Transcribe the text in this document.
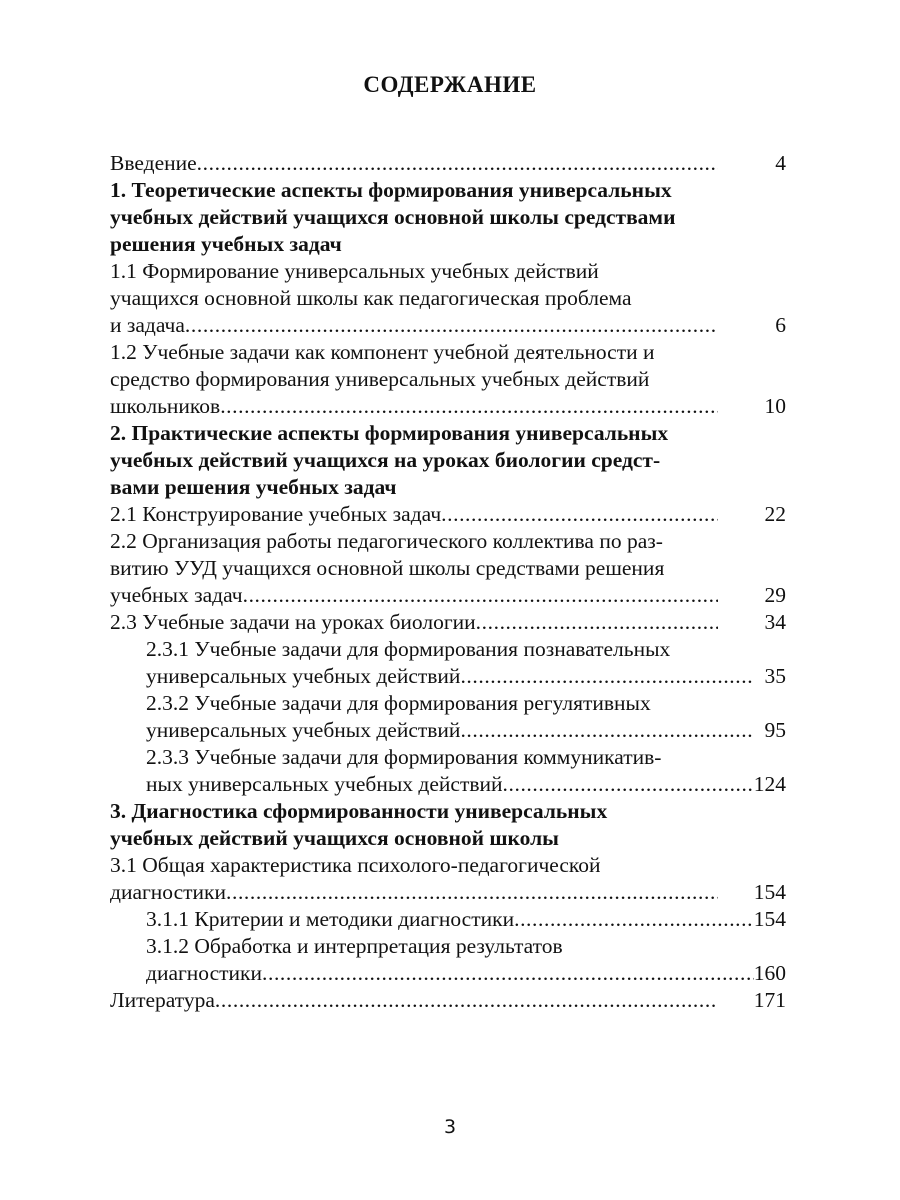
СОДЕРЖАНИЕ
Введение .....	4
1. Теоретические аспекты формирования универсальных
учебных действий учащихся основной школы средствами
решения учебных задач
1.1 Формирование универсальных учебных действий
учащихся основной школы как педагогическая проблема
и задача .....	6
1.2 Учебные задачи как компонент учебной деятельности и
средство формирования универсальных учебных действий
школьников .....	10
2. Практические аспекты формирования универсальных
учебных действий учащихся на уроках биологии средст-
вами решения учебных задач
2.1 Конструирование учебных задач .....	22
2.2 Организация работы педагогического коллектива по раз-
витию УУД учащихся основной школы средствами решения
учебных задач .....	29
2.3 Учебные задачи на уроках биологии .....	34
2.3.1 Учебные задачи для формирования познавательных
универсальных учебных действий .....	35
2.3.2 Учебные задачи для формирования регулятивных
универсальных учебных действий .....	95
2.3.3 Учебные задачи для формирования коммуникатив-
ных универсальных учебных действий .....	124
3. Диагностика сформированности универсальных
учебных действий учащихся основной школы
3.1 Общая характеристика психолого-педагогической
диагностики .....	154
3.1.1 Критерии и методики диагностики .....	154
3.1.2 Обработка и интерпретация результатов
диагностики .....	160
Литература .....	171
3
